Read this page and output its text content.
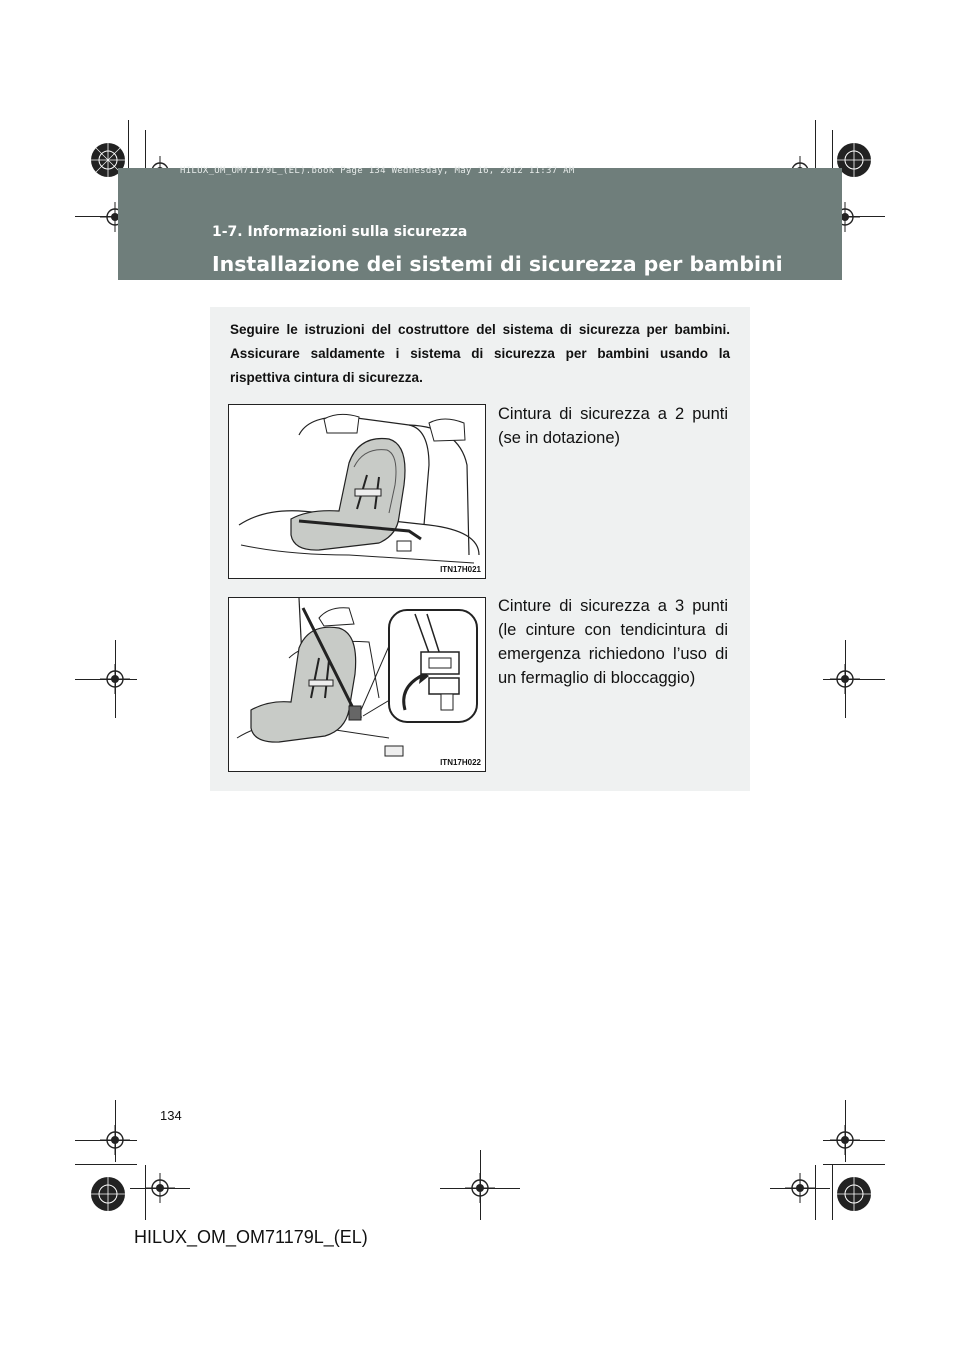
HILUX_OM_OM71179L_(EL).book Page 134 Wednesday, May 16, 2012 11:37 AM
1-7. Informazioni sulla sicurezza
Installazione dei sistemi di sicurezza per bambini
Seguire le istruzioni del costruttore del sistema di sicurezza per bambini. Assicurare saldamente i sistema di sicurezza per bambini usando la rispettiva cintura di sicurezza.
ITN17H021
Cintura di sicurezza a 2 punti (se in dotazione)
ITN17H022
Cinture di sicurezza a 3 punti (le cinture con tendicintura di emergenza richiedono l’uso di un fermaglio di bloccaggio)
134
HILUX_OM_OM71179L_(EL)
